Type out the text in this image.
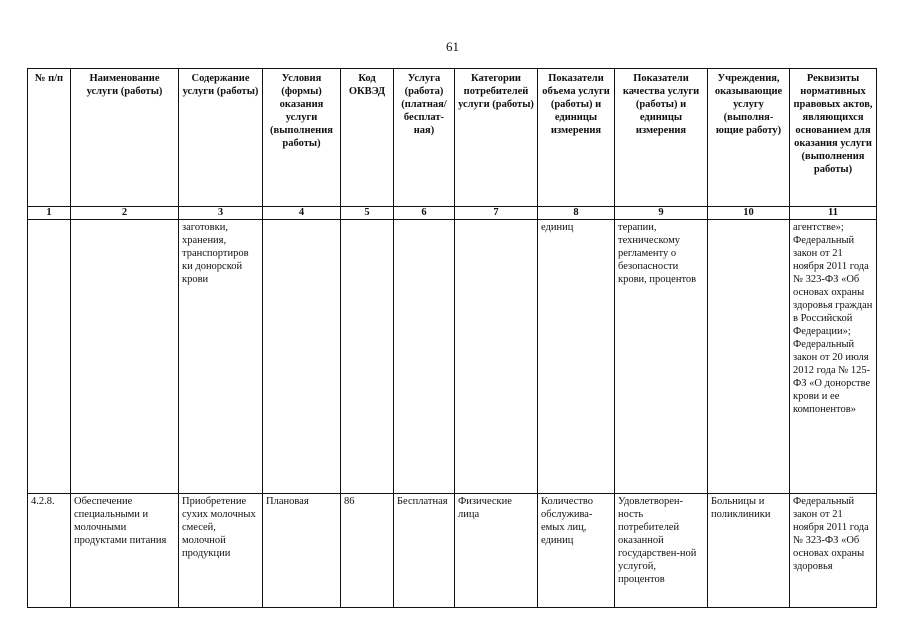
61
№ п/п	Наименование услуги (работы)	Содержание услуги (работы)	Условия (формы) оказания услуги (выполнения работы)	Код ОКВЭД	Услуга (работа) (платная/ бесплат-ная)	Категории потребителей услуги (работы)	Показатели объема услуги (работы) и единицы измерения	Показатели качества услуги (работы) и единицы измерения	Учреждения, оказывающие услугу (выполня-ющие работу)	Реквизиты нормативных правовых актов, являющихся основанием для оказания услуги (выполнения работы)
1	2	3	4	5	6	7	8	9	10	11
		заготовки, хранения, транспортиров ки донорской крови					единиц	терапии, техническому регламенту о безопасности крови, процентов		агентстве»; Федеральный закон от 21 ноября 2011 года № 323-ФЗ «Об основах охраны здоровья граждан в Российской Федерации»; Федеральный закон от 20 июля 2012 года № 125-ФЗ «О донорстве крови и ее компонентов»
4.2.8.	Обеспечение специальными и молочными продуктами питания	Приобретение сухих молочных смесей, молочной продукции	Плановая	86	Бесплатная	Физические лица	Количество обслужива-емых лиц, единиц	Удовлетворен-ность потребителей оказанной государствен-ной услугой, процентов	Больницы и поликлиники	Федеральный закон от 21 ноября 2011 года № 323-ФЗ «Об основах охраны здоровья
